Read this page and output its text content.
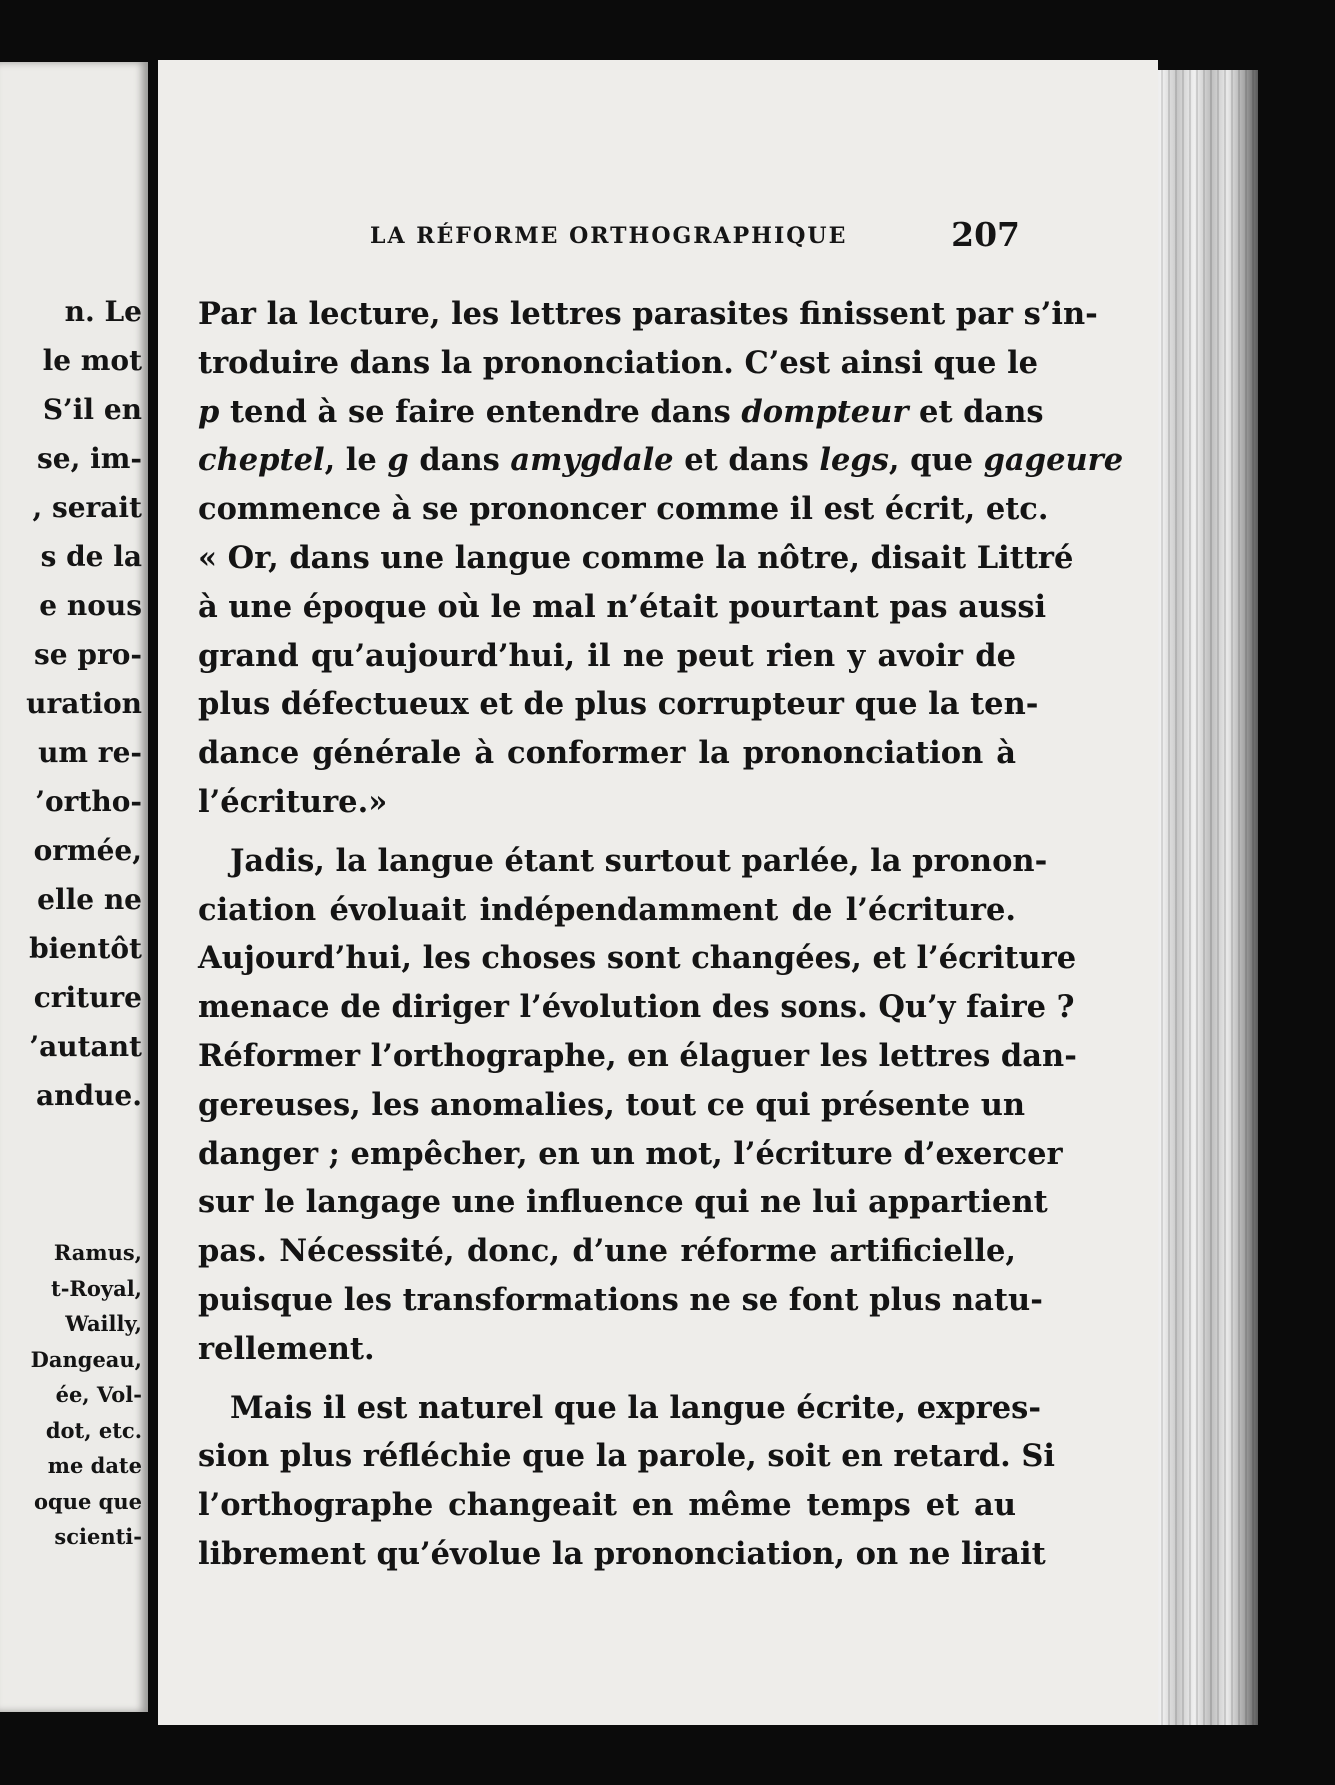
n. Le
le mot
S’il en
se, im-
, serait
s de la
e nous
se pro-
uration
um re-
’ortho-
ormée,
elle ne
bientôt
criture
’autant
andue.
Ramus,
t-Royal,
Wailly,
Dangeau,
ée, Vol-
dot, etc.
me date
oque que
scienti-
LA RÉFORME ORTHOGRAPHIQUE	207
Par la lecture, les lettres parasites finissent par s’in-
troduire dans la prononciation. C’est ainsi que le
p tend à se faire entendre dans dompteur et dans
cheptel, le g dans amygdale et dans legs, que gageure
commence à se prononcer comme il est écrit, etc.
« Or, dans une langue comme la nôtre, disait Littré
à une époque où le mal n’était pourtant pas aussi
grand qu’aujourd’hui, il ne peut rien y avoir de
plus défectueux et de plus corrupteur que la ten-
dance générale à conformer la prononciation à
l’écriture.»
Jadis, la langue étant surtout parlée, la pronon-
ciation évoluait indépendamment de l’écriture.
Aujourd’hui, les choses sont changées, et l’écriture
menace de diriger l’évolution des sons. Qu’y faire ?
Réformer l’orthographe, en élaguer les lettres dan-
gereuses, les anomalies, tout ce qui présente un
danger ; empêcher, en un mot, l’écriture d’exercer
sur le langage une influence qui ne lui appartient
pas. Nécessité, donc, d’une réforme artificielle,
puisque les transformations ne se font plus natu-
rellement.
Mais il est naturel que la langue écrite, expres-
sion plus réfléchie que la parole, soit en retard. Si
l’orthographe changeait en même temps et au
librement qu’évolue la prononciation, on ne lirait
